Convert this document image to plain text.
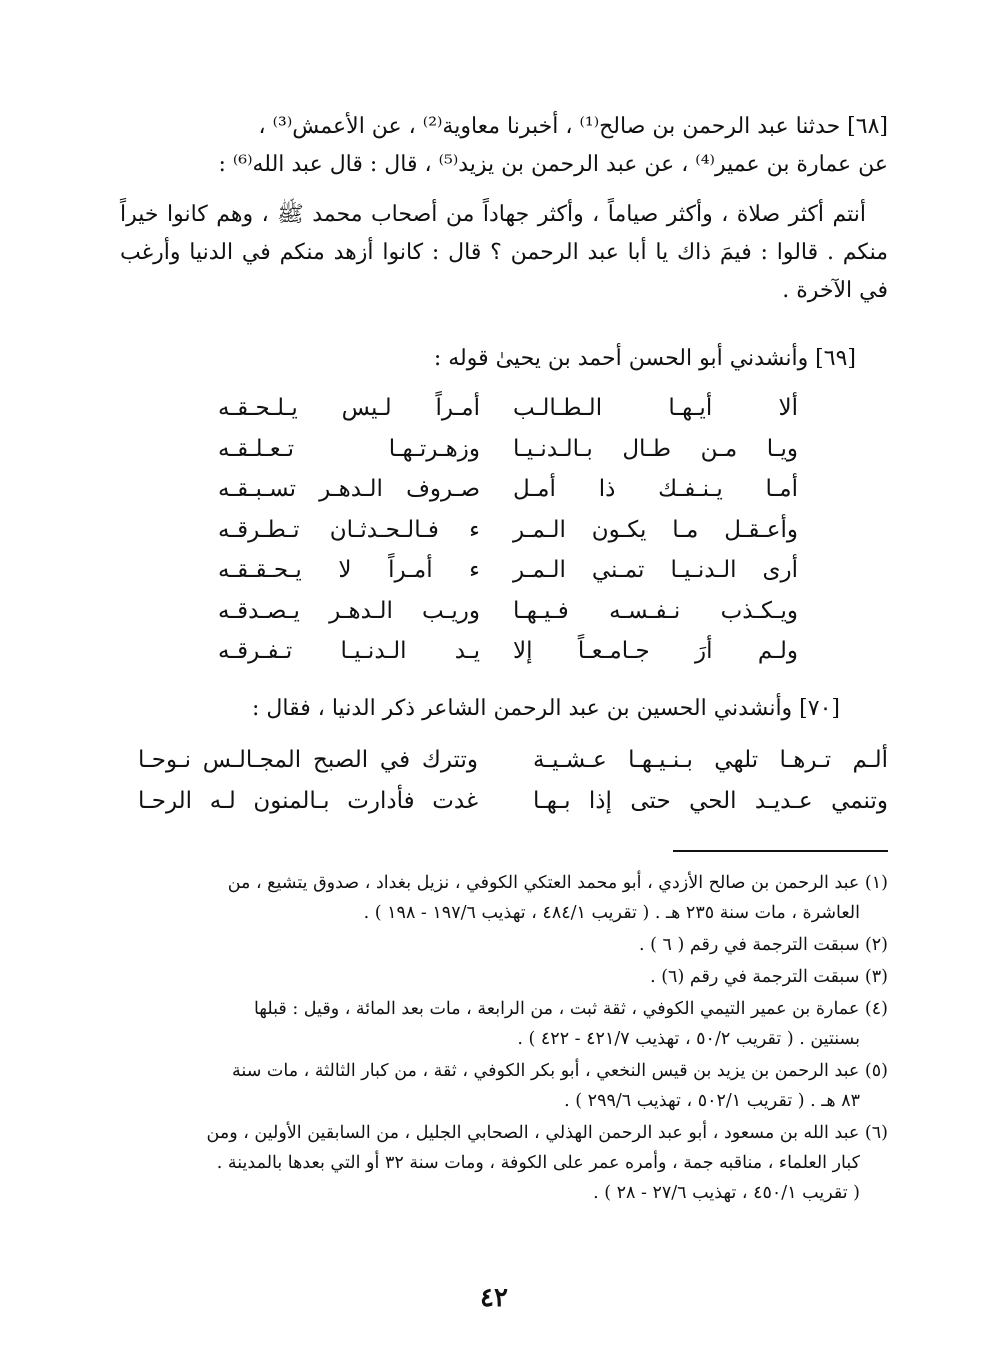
[٦٨] حدثنا عبد الرحمن بن صالح⁽¹⁾ ، أخبرنا معاوية⁽²⁾ ، عن الأعمش⁽³⁾ ،
عن عمارة بن عمير⁽⁴⁾ ، عن عبد الرحمن بن يزيد⁽⁵⁾ ، قال : قال عبد الله⁽⁶⁾ :
أنتم أكثر صلاة ، وأكثر صياماً ، وأكثر جهاداً من أصحاب محمد ﷺ ، وهم كانوا خيراً منكم . قالوا : فيمَ ذاك يا أبا عبد الرحمن ؟ قال : كانوا أزهد منكم في الدنيا وأرغب في الآخرة .
[٦٩] وأنشدني أبو الحسن أحمد بن يحيىٰ قوله :
ألا أيـهـا الـطـالـب
أمـراً لـيس يـلـحـقـه
ويـا مـن طـال بـالـدنـيـا
وزهـرتـهـا تـعـلـقـه
أمـا يـنـفـك ذا أمـل
صـروف الـدهـر تسـبـقـه
وأعـقـل مـا يكـون الـمـر
ء فـالـحـدثـان تـطـرقـه
أرى الـدنـيـا تمـني الـمـر
ء أمـراً لا يـحـقـقـه
ويـكـذب نـفـسـه فـيـهـا
وريـب الـدهـر يـصـدقـه
ولـم أرَ جـامـعـاً إلا
يـد الـدنـيـا تـفـرقـه
[٧٠] وأنشدني الحسين بن عبد الرحمن الشاعر ذكر الدنيا ، فقال :
ألـم تـرهـا تلهي بـنـيـهـا عـشـيـة
وتترك في الصبح المجـالـس نـوحـا
وتنمي عـديـد الحي حتى إذا بـهـا
غدت فأدارت بـالمنون لـه الرحـا
(١) عبد الرحمن بن صالح الأزدي ، أبو محمد العتكي الكوفي ، نزيل بغداد ، صدوق يتشيع ، من
العاشرة ، مات سنة ٢٣٥ هـ . ( تقريب ٤٨٤/١ ، تهذيب ١٩٧/٦ - ١٩٨ ) .
(٢) سبقت الترجمة في رقم ( ٦ ) .
(٣) سبقت الترجمة في رقم (٦) .
(٤) عمارة بن عمير التيمي الكوفي ، ثقة ثبت ، من الرابعة ، مات بعد المائة ، وقيل : قبلها
بسنتين . ( تقريب ٥٠/٢ ، تهذيب ٤٢١/٧ - ٤٢٢ ) .
(٥) عبد الرحمن بن يزيد بن قيس النخعي ، أبو بكر الكوفي ، ثقة ، من كبار الثالثة ، مات سنة
٨٣ هـ . ( تقريب ٥٠٢/١ ، تهذيب ٢٩٩/٦ ) .
(٦) عبد الله بن مسعود ، أبو عبد الرحمن الهذلي ، الصحابي الجليل ، من السابقين الأولين ، ومن
كبار العلماء ، مناقبه جمة ، وأمره عمر على الكوفة ، ومات سنة ٣٢ أو التي بعدها بالمدينة .
( تقريب ٤٥٠/١ ، تهذيب ٢٧/٦ - ٢٨ ) .
٤٢
